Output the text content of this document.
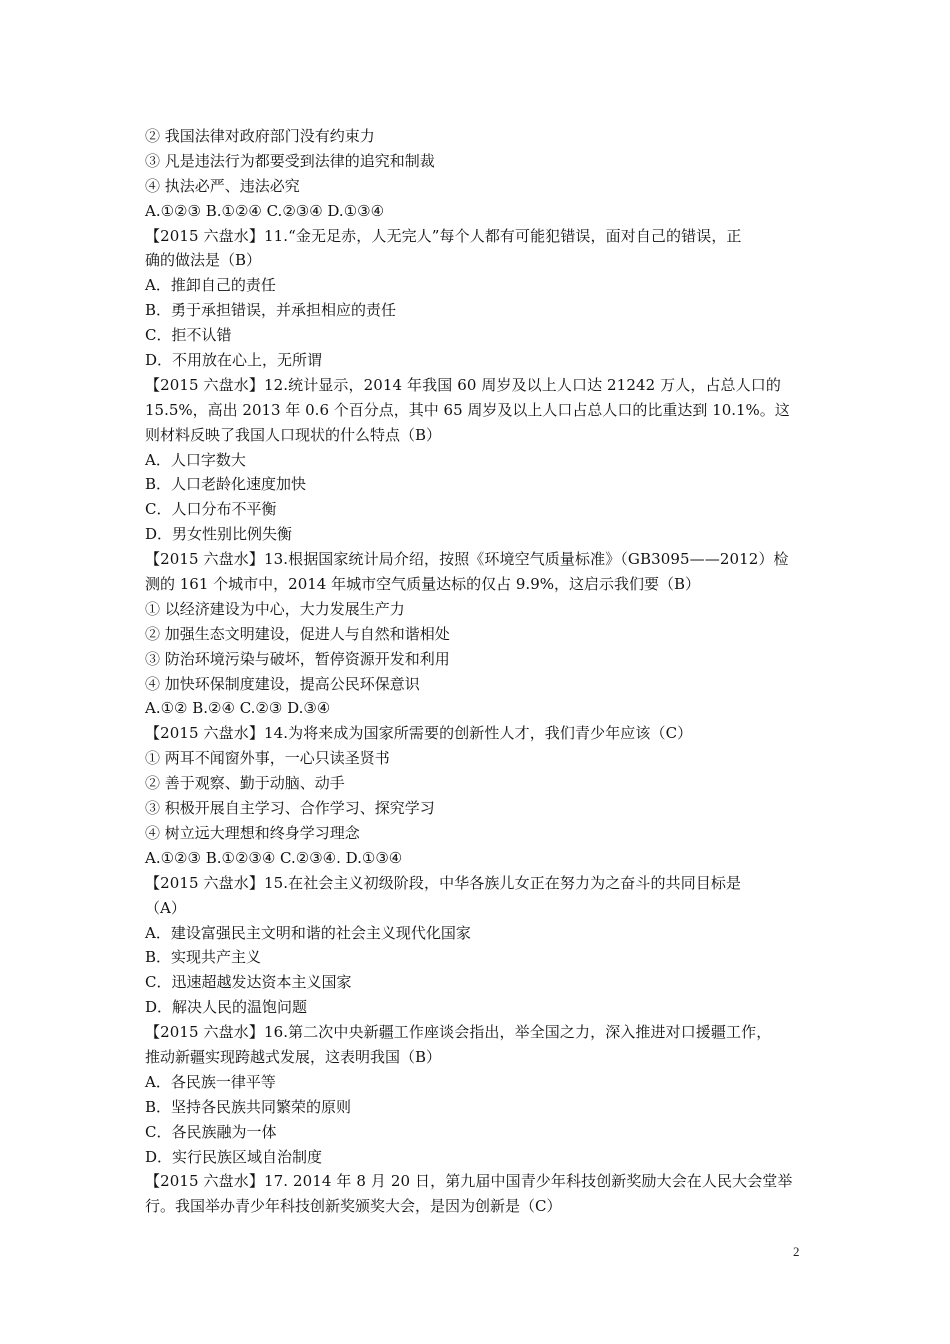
② 我国法律对政府部门没有约束力
③ 凡是违法行为都要受到法律的追究和制裁
④ 执法必严、违法必究
A.①②③ B.①②④ C.②③④ D.①③④
【2015 六盘水】11.“金无足赤，人无完人”每个人都有可能犯错误，面对自己的错误，正
确的做法是（B）
A．推卸自己的责任
B．勇于承担错误，并承担相应的责任
C．拒不认错
D．不用放在心上，无所谓
【2015 六盘水】12.统计显示，2014 年我国 60 周岁及以上人口达 21242 万人，占总人口的
15.5%，高出 2013 年 0.6 个百分点，其中 65 周岁及以上人口占总人口的比重达到 10.1%。这
则材料反映了我国人口现状的什么特点（B）
A．人口字数大
B．人口老龄化速度加快
C．人口分布不平衡
D．男女性别比例失衡
【2015 六盘水】13.根据国家统计局介绍，按照《环境空气质量标准》（GB3095——2012）检
测的 161 个城市中，2014 年城市空气质量达标的仅占 9.9%，这启示我们要（B）
① 以经济建设为中心，大力发展生产力
② 加强生态文明建设，促进人与自然和谐相处
③ 防治环境污染与破坏，暂停资源开发和利用
④ 加快环保制度建设，提高公民环保意识
A.①② B.②④ C.②③ D.③④
【2015 六盘水】14.为将来成为国家所需要的创新性人才，我们青少年应该（C）
① 两耳不闻窗外事，一心只读圣贤书
② 善于观察、勤于动脑、动手
③ 积极开展自主学习、合作学习、探究学习
④ 树立远大理想和终身学习理念
A.①②③ B.①②③④ C.②③④. D.①③④
【2015 六盘水】15.在社会主义初级阶段，中华各族儿女正在努力为之奋斗的共同目标是
（A）
A．建设富强民主文明和谐的社会主义现代化国家
B．实现共产主义
C．迅速超越发达资本主义国家
D．解决人民的温饱问题
【2015 六盘水】16.第二次中央新疆工作座谈会指出，举全国之力，深入推进对口援疆工作，
推动新疆实现跨越式发展，这表明我国（B）
A．各民族一律平等
B．坚持各民族共同繁荣的原则
C．各民族融为一体
D．实行民族区域自治制度
【2015 六盘水】17. 2014 年 8 月 20 日，第九届中国青少年科技创新奖励大会在人民大会堂举
行。我国举办青少年科技创新奖颁奖大会，是因为创新是（C）
2
